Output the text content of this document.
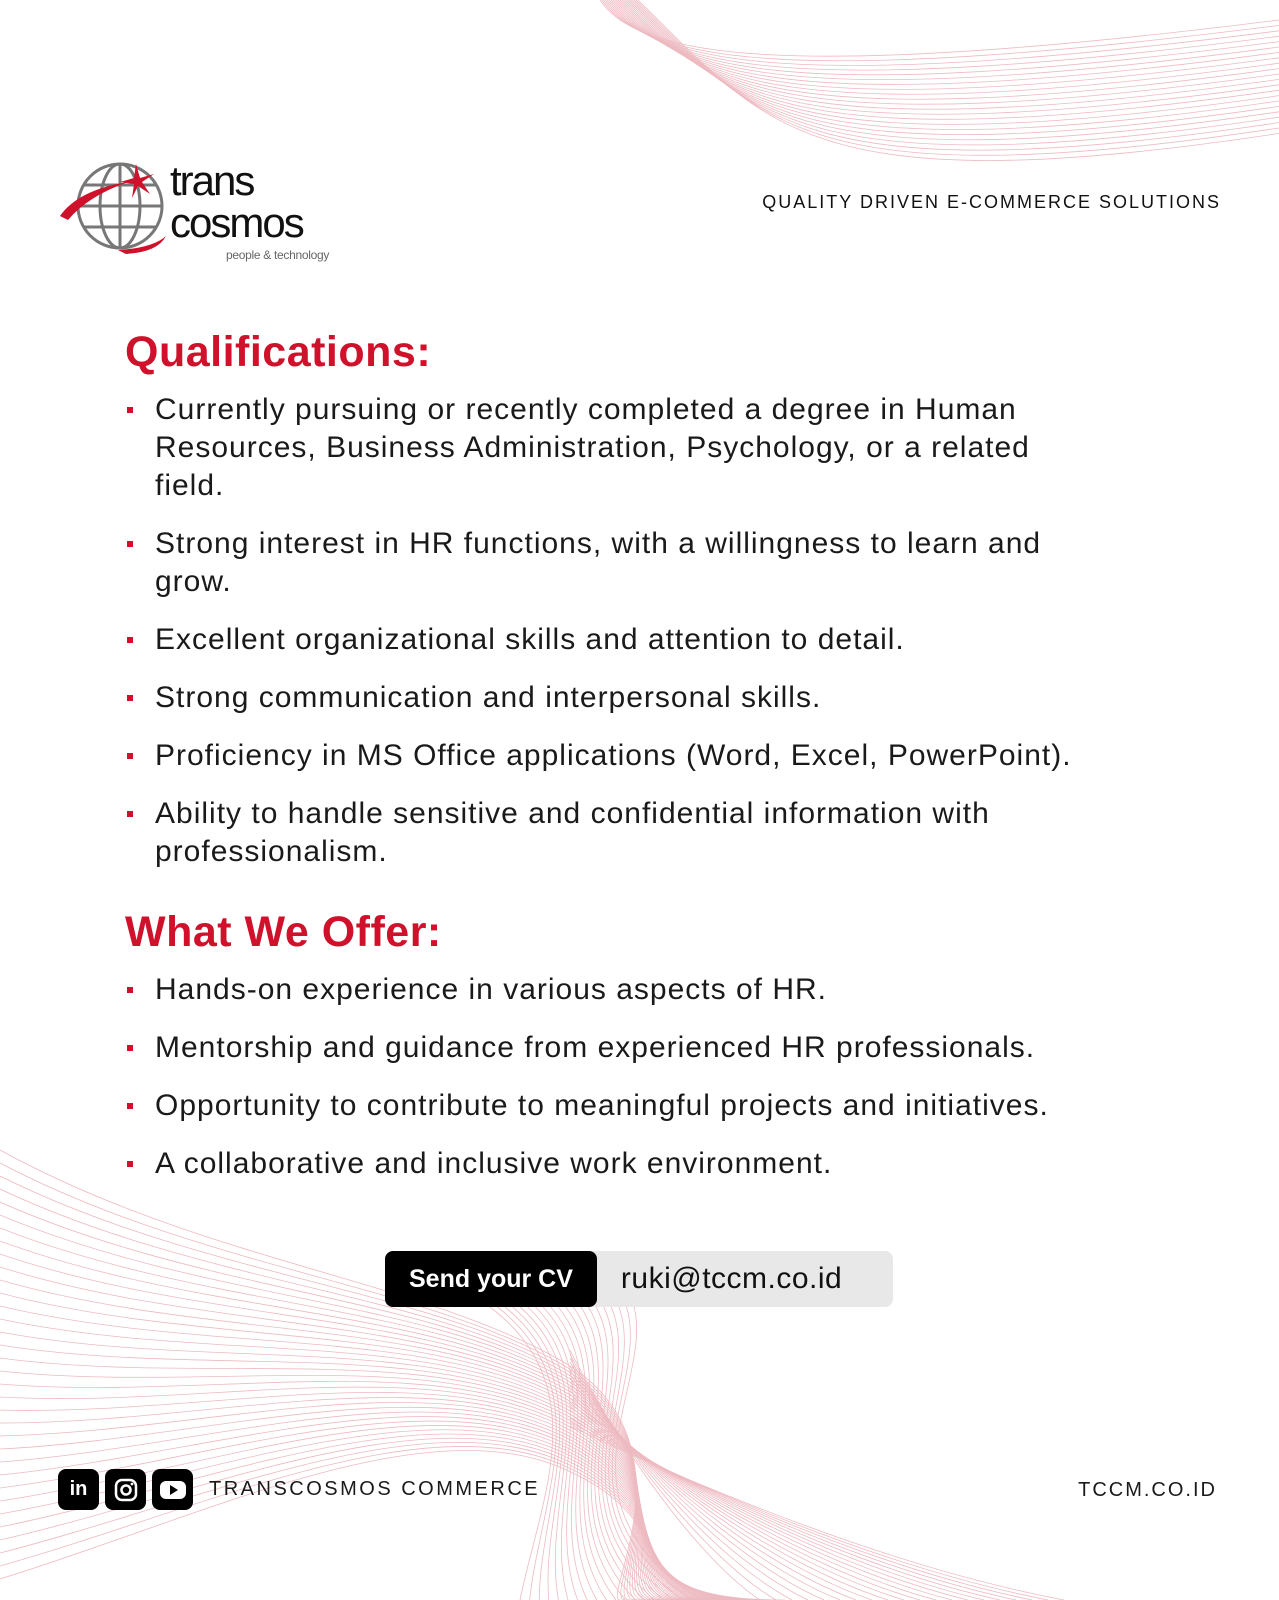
trans
cosmos
people & technology
QUALITY DRIVEN E-COMMERCE SOLUTIONS
Qualifications:
Currently pursuing or recently completed a degree in Human Resources, Business Administration, Psychology, or a related field.
Strong interest in HR functions, with a willingness to learn and grow.
Excellent organizational skills and attention to detail.
Strong communication and interpersonal skills.
Proficiency in MS Office applications (Word, Excel, PowerPoint).
Ability to handle sensitive and confidential information with professionalism.
What We Offer:
Hands-on experience in various aspects of HR.
Mentorship and guidance from experienced HR professionals.
Opportunity to contribute to meaningful projects and initiatives.
A collaborative and inclusive work environment.
Send your CV	ruki@tccm.co.id
in	TRANSCOSMOS COMMERCE	TCCM.CO.ID
